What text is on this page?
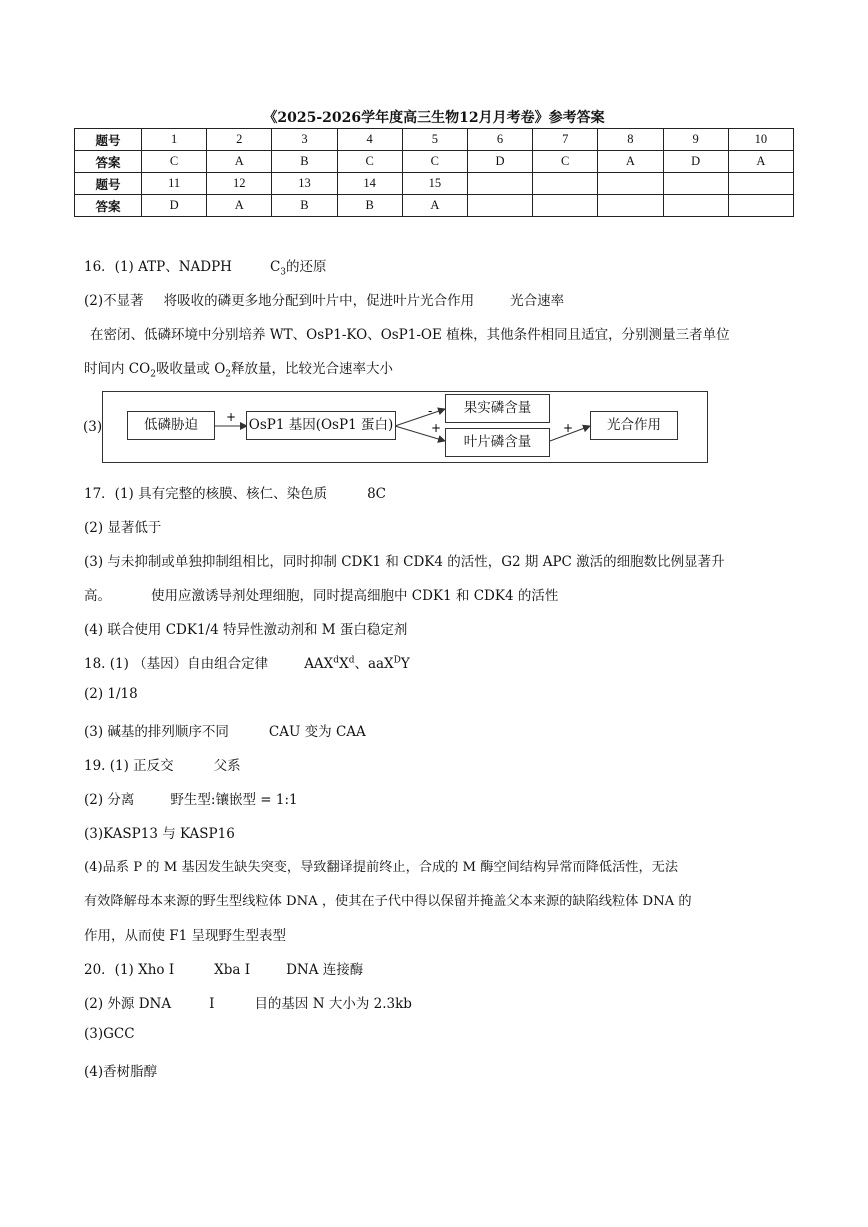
《2025-2026学年度高三生物12月月考卷》参考答案
题号	1	2	3	4	5	6	7	8	9	10
答案	C	A	B	C	C	D	C	A	D	A
题号	11	12	13	14	15					
答案	D	A	B	B	A					
16．(1) ATP、NADPH	$C_3$的还原
(2)不显著 将吸收的磷更多地分配到叶片中，促进叶片光合作用	光合速率
在密闭、低磷环境中分别培养 WT、OsP1-KO、OsP1-OE 植株，其他条件相同且适宜，分别测量三者单位
时间内 $CO_2$吸收量或 $O_2$释放量，比较光合速率大小
(3)
+	-
+	+
低磷胁迫	OsP1 基因(OsP1 蛋白)
果实磷含量
叶片磷含量
光合作用
17．(1) 具有完整的核膜、核仁、染色质	8C
(2) 显著低于
(3) 与未抑制或单独抑制组相比，同时抑制 CDK1 和 CDK4 的活性，G2 期 APC 激活的细胞数比例显著升
高。	使用应激诱导剂处理细胞，同时提高细胞中 CDK1 和 CDK4 的活性
(4) 联合使用 CDK1/4 特异性激动剂和 M 蛋白稳定剂
18. (1) （基因）自由组合定律	$AAX^dX^d$、aaX$^D$Y
(2) 1/18
(3) 碱基的排列顺序不同	CAU 变为 CAA
19. (1) 正反交	父系
(2) 分离	野生型:镶嵌型 = 1:1
(3)KASP13 与 KASP16
(4)品系 P 的 M 基因发生缺失突变，导致翻译提前终止，合成的 M 酶空间结构异常而降低活性，无法
有效降解母本来源的野生型线粒体 DNA ，使其在子代中得以保留并掩盖父本来源的缺陷线粒体 DNA 的
作用，从而使 F1 呈现野生型表型
20．(1) Xho I	Xba I	DNA 连接酶
(2) 外源 DNA	I	目的基因 N 大小为 2.3kb
(3)GCC
(4)香树脂醇
